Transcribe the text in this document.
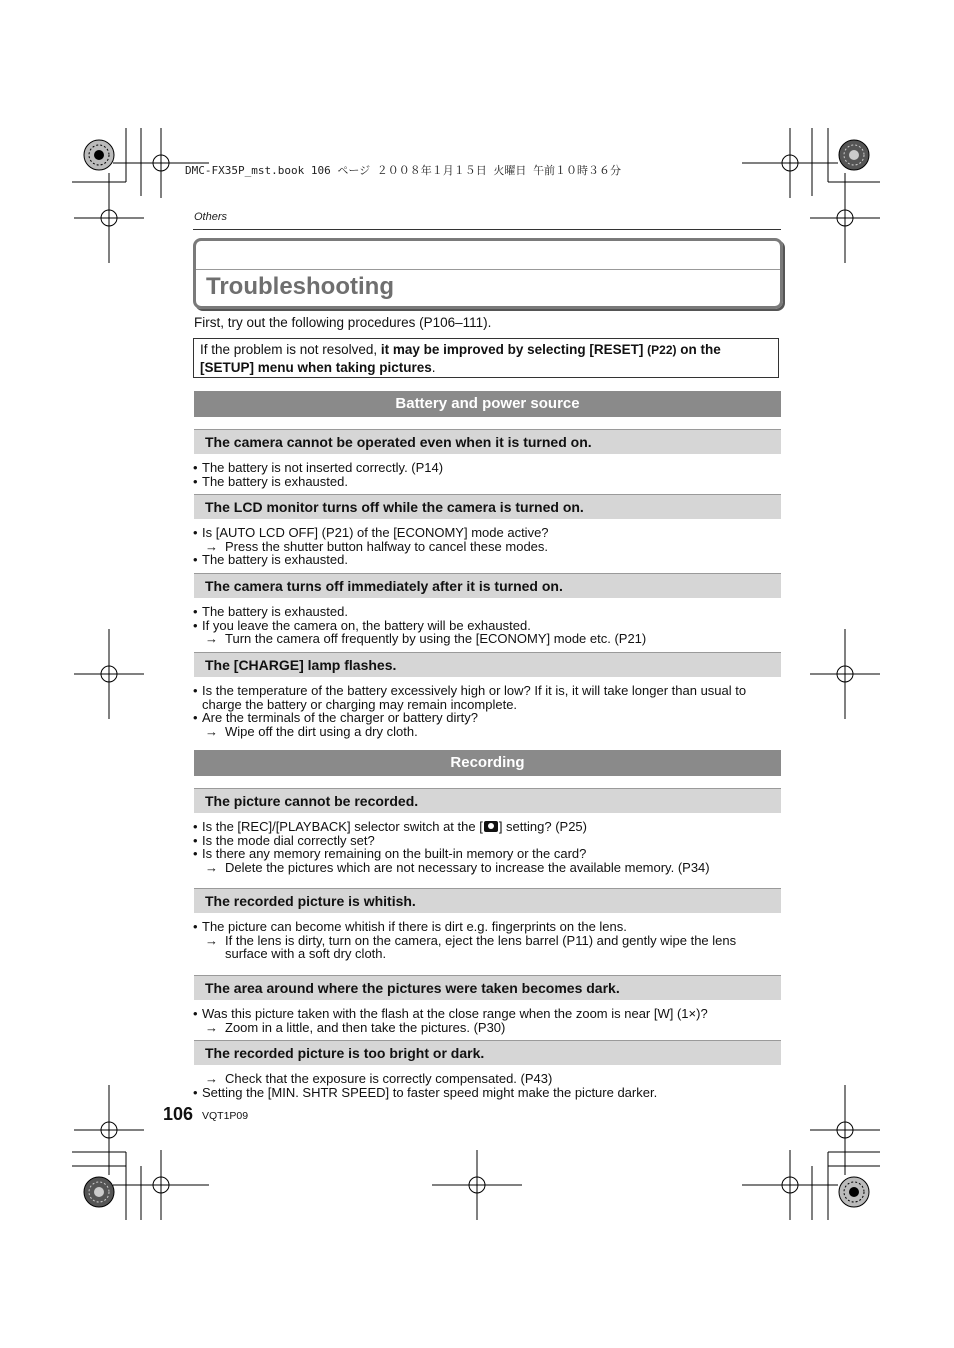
DMC-FX35P_mst.book 106 ページ ２００８年１月１５日 火曜日 午前１０時３６分
Others
Troubleshooting
First, try out the following procedures (P106–111).
If the problem is not resolved, it may be improved by selecting [RESET] (P22) on the
[SETUP] menu when taking pictures.
Battery and power source
The camera cannot be operated even when it is turned on.
• The battery is not inserted correctly. (P14)
• The battery is exhausted.
The LCD monitor turns off while the camera is turned on.
• Is [AUTO LCD OFF] (P21) of the [ECONOMY] mode active?
→ Press the shutter button halfway to cancel these modes.
• The battery is exhausted.
The camera turns off immediately after it is turned on.
• The battery is exhausted.
• If you leave the camera on, the battery will be exhausted.
→ Turn the camera off frequently by using the [ECONOMY] mode etc. (P21)
The [CHARGE] lamp flashes.
• Is the temperature of the battery excessively high or low? If it is, it will take longer than usual to
charge the battery or charging may remain incomplete.
• Are the terminals of the charger or battery dirty?
→ Wipe off the dirt using a dry cloth.
Recording
The picture cannot be recorded.
• Is the [REC]/[PLAYBACK] selector switch at the [ ] setting? (P25)
• Is the mode dial correctly set?
• Is there any memory remaining on the built-in memory or the card?
→ Delete the pictures which are not necessary to increase the available memory. (P34)
The recorded picture is whitish.
• The picture can become whitish if there is dirt e.g. fingerprints on the lens.
→ If the lens is dirty, turn on the camera, eject the lens barrel (P11) and gently wipe the lens
surface with a soft dry cloth.
The area around where the pictures were taken becomes dark.
• Was this picture taken with the flash at the close range when the zoom is near [W] (1×)?
→ Zoom in a little, and then take the pictures. (P30)
The recorded picture is too bright or dark.
→ Check that the exposure is correctly compensated. (P43)
• Setting the [MIN. SHTR SPEED] to faster speed might make the picture darker.
106 VQT1P09
